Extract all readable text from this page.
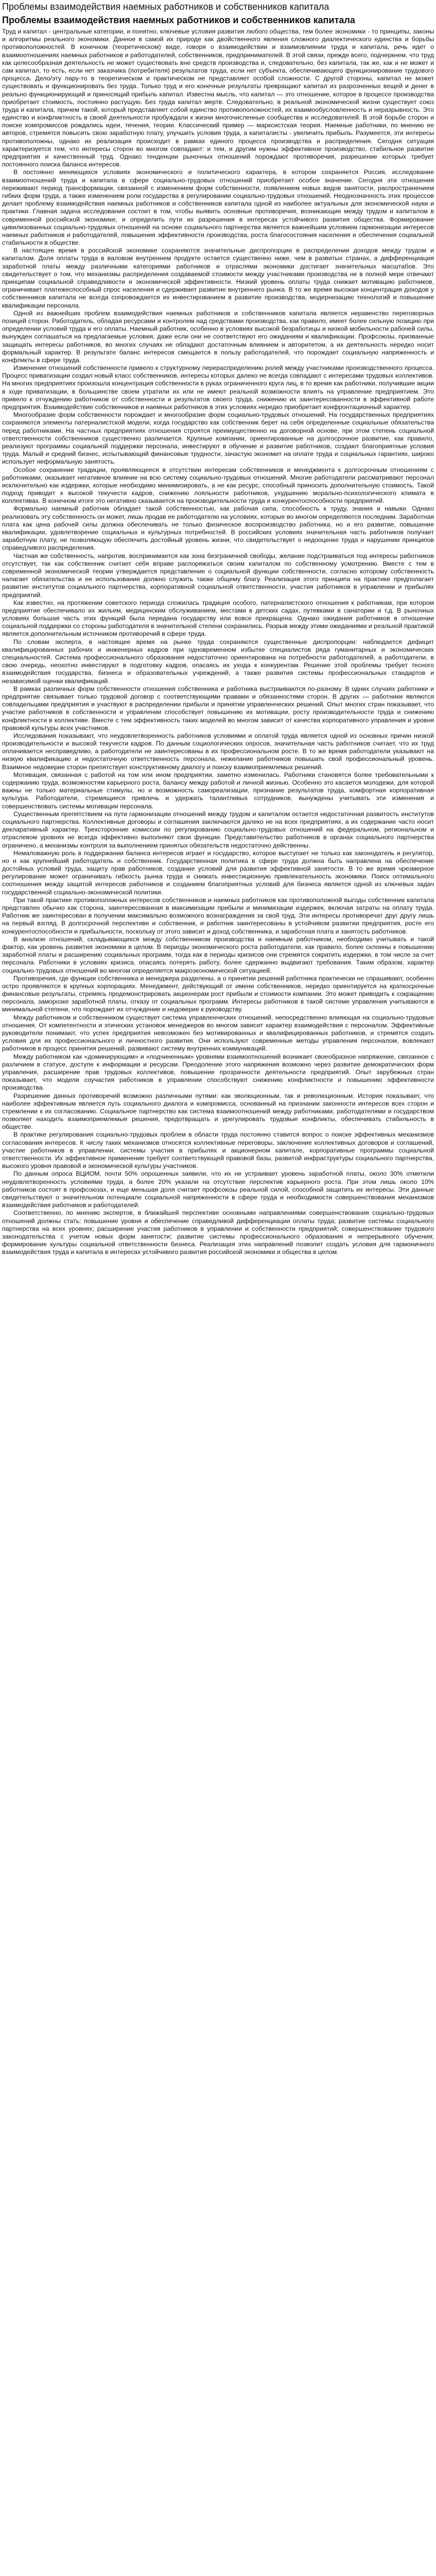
Проблемы взаимодействия наемных работников и собственников капитала
Проблемы взаимодействия наемных работников и собственников капитала

Труд и капитал - центральные категории, и понятно, ключевые условия развития любого общества, тем более экономики - то принципы, законы и алгоритмы реального экономики. Данное в самой их природе как двойственного явления сложного диалектического единства и борьбы противоположностей. В конечном (теоретическом) виде, говоря о взаимодействии и взаимовлиянии труда и капитала, речь идет о взаимоотношениях наемных работников и работодателей, собственников, предпринимателей. В этой связи, прежде всего, подчеркнем, что труд как целесообразная деятельность не может существовать вне средств производства и, следовательно, без капитала, так же, как и не может и сам капитал, то есть, если нет заказчика (потребителя) результатов труда, если нет субъекта, обеспечивающего функционирование трудового процесса. Дело/эту пару-то в теоретическом и практическом не представляет особой сложности. С другой стороны, капитал не может существовать и функционировать без труда. Только труд и его конечные результаты превращают капитал из разрозненных вещей и денег в реально функционирующий и приносящий прибыль капитал. Известна мысль, что капитал — это отношение, которое в процессе производства приобретает стоимость, постоянно растущую. Без труда капитал мертв. Следовательно, в реальной экономической жизни существует союз труда и капитала, причем такой, который представляет собой единство противоположностей, их взаимообусловленность и неразрывность. Это единство и конфликтность в своей деятельности пробуждали к жизни многочисленные сообщества и исследователей. В этой борьбе сторон и поиске компромиссов рождались идеи, течения, теории. Классический пример — марксистская теория. Наемные работники, по мнению ее авторов, стремятся повысить свою заработную плату, улучшить условия труда, а капиталисты - увеличить прибыль. Разумеется, эти интересы противоположны, однако их реализация происходит в рамках единого процесса производства и распределения. Сегодня ситуация характеризуется тем, что интересы сторон во многом совпадают: и тем, и другим нужны эффективное производство, стабильное развитие предприятия и качественный труд. Однако тенденции рыночных отношений порождают противоречия, разрешение которых требует постоянного поиска баланса интересов.

В постоянно меняющихся условиях экономического и политического характера, в котором сохраняется Россия, исследование взаимоотношений труда и капитала в сфере социально-трудовых отношений приобретает особое значение. Сегодня эти отношения переживают период трансформации, связанной с изменением форм собственности, появлением новых видов занятости, распространением гибких форм труда, а также изменением роли государства в регулировании социально-трудовых отношений. Неоднозначность этих процессов делает проблему взаимодействия наемных работников и собственников капитала одной из наиболее актуальных для экономической науки и практики. Главная задача исследования состоит в том, чтобы выявить основные противоречия, возникающие между трудом и капиталом в современной российской экономике, и определить пути их разрешения в интересах устойчивого развития общества. Формирование цивилизованных социально-трудовых отношений на основе социального партнерства является важнейшим условием гармонизации интересов наемных работников и работодателей, повышения эффективности производства, роста благосостояния населения и обеспечения социальной стабильности в обществе.

В настоящее время в российской экономике сохраняются значительные диспропорции в распределении доходов между трудом и капиталом. Доля оплаты труда в валовом внутреннем продукте остается существенно ниже, чем в развитых странах, а дифференциация заработной платы между различными категориями работников и отраслями экономики достигает значительных масштабов. Это свидетельствует о том, что механизмы распределения создаваемой стоимости между участниками производства не в полной мере отвечают принципам социальной справедливости и экономической эффективности. Низкий уровень оплаты труда снижает мотивацию работников, ограничивает платежеспособный спрос населения и сдерживает развитие внутреннего рынка. В то же время высокая концентрация доходов у собственников капитала не всегда сопровождается их инвестированием в развитие производства, модернизацию технологий и повышение квалификации персонала.

Одной из важнейших проблем взаимодействия наемных работников и собственников капитала является неравенство переговорных позиций сторон. Работодатель, обладая ресурсами и контролем над средствами производства, как правило, имеет более сильную позицию при определении условий труда и его оплаты. Наемный работник, особенно в условиях высокой безработицы и низкой мобильности рабочей силы, вынужден соглашаться на предлагаемые условия, даже если они не соответствуют его ожиданиям и квалификации. Профсоюзы, призванные защищать интересы работников, во многих случаях не обладают достаточным влиянием и авторитетом, а их деятельность нередко носит формальный характер. В результате баланс интересов смещается в пользу работодателей, что порождает социальную напряженность и конфликты в сфере труда.

Изменение отношений собственности привело к структурному перераспределению ролей между участниками производственного процесса. Процесс приватизации создал новый класс собственников, интересы которых далеко не всегда совпадают с интересами трудовых коллективов. На многих предприятиях произошла концентрация собственности в руках ограниченного круга лиц, в то время как работники, получившие акции в ходе приватизации, в большинстве своем утратили их или не имеют реальной возможности влиять на управление предприятием. Это привело к отчуждению работников от собственности и результатов своего труда, снижению их заинтересованности в эффективной работе предприятия. Взаимодействие собственников и наемных работников в этих условиях нередко приобретает конфронтационный характер.

Многообразие форм собственности порождает и многообразие форм социально-трудовых отношений. На государственных предприятиях сохраняются элементы патерналистской модели, когда государство как собственник берет на себя определенные социальные обязательства перед работниками. На частных предприятиях отношения строятся преимущественно на договорной основе, при этом степень социальной ответственности собственников существенно различается. Крупные компании, ориентированные на долгосрочное развитие, как правило, реализуют программы социальной поддержки персонала, инвестируют в обучение и развитие работников, создают благоприятные условия труда. Малый и средний бизнес, испытывающий финансовые трудности, зачастую экономит на оплате труда и социальных гарантиях, широко использует неформальную занятость.

Особое сохранение традиции, проявляющееся в отсутствии интересам собственников и менеджмента к долгосрочным отношениям с работниками, оказывает негативное влияние на всю систему социально-трудовых отношений. Многие работодатели рассматривают персонал исключительно как издержки, которые необходимо минимизировать, а не как ресурс, способный приносить дополнительную стоимость. Такой подход приводит к высокой текучести кадров, снижению лояльности работников, ухудшению морально-психологического климата в коллективах. В конечном итоге это негативно сказывается на производительности труда и конкурентоспособности предприятий.

Формально наемный работник обладает такой собственностью, как рабочая сила, способность к труду, знания и навыки. Однако реализовать эту собственность он может, лишь продав ее работодателю на условиях, которые во многом определяются последним. Заработная плата как цена рабочей силы должна обеспечивать не только физическое воспроизводство работника, но и его развитие, повышение квалификации, удовлетворение социальных и культурных потребностей. В российских условиях значительная часть работников получает заработную плату, не позволяющую обеспечить достойный уровень жизни, что свидетельствует о недооценке труда и нарушении принципов справедливого распределения.

Частная же собственность, напротив, воспринимается как зона безграничной свободы, желание подстраиваться под интересы работников отсутствует, так как собственник считает себя вправе распоряжаться своим капиталом по собственному усмотрению. Вместе с тем в современной экономической теории утверждается представление о социальной функции собственности, согласно которому собственность налагает обязательства и ее использование должно служить также общему благу. Реализация этого принципа на практике предполагает развитие институтов социального партнерства, корпоративной социальной ответственности, участия работников в управлении и прибылях предприятий.

Как известно, на протяжении советского периода сложилась традиция особого, патерналистского отношения к работникам, при котором предприятие обеспечивало их жильем, медицинским обслуживанием, местами в детских садах, путевками в санатории и т.д. В рыночных условиях большая часть этих функций была передана государству или вовсе прекращена. Однако ожидания работников в отношении социальной поддержки со стороны работодателя в значительной степени сохранились. Разрыв между этими ожиданиями и реальной практикой является дополнительным источником противоречий в сфере труда.

По словам эксперта, в настоящее время на рынке труда сохраняются существенные диспропорции: наблюдается дефицит квалифицированных рабочих и инженерных кадров при одновременном избытке специалистов ряда гуманитарных и экономических специальностей. Система профессионального образования недостаточно ориентирована на потребности работодателей, а работодатели, в свою очередь, неохотно инвестируют в подготовку кадров, опасаясь их ухода к конкурентам. Решение этой проблемы требует тесного взаимодействия государства, бизнеса и образовательных учреждений, а также развития системы профессиональных стандартов и независимой оценки квалификаций.

В рамках различных форм собственности отношения собственника и работника выстраиваются по-разному. В одних случаях работники и предприятие связывает только трудовой договор с соответствующими правами и обязанностями сторон. В других — работники являются совладельцами предприятия и участвуют в распределении прибыли и принятии управленческих решений. Опыт многих стран показывает, что участие работников в собственности и управлении способствует повышению их мотивации, росту производительности труда и снижению конфликтности в коллективе. Вместе с тем эффективность таких моделей во многом зависит от качества корпоративного управления и уровня правовой культуры всех участников.

Исследования показывают, что неудовлетворенность работников условиями и оплатой труда является одной из основных причин низкой производительности и высокой текучести кадров. По данным социологических опросов, значительная часть работников считает, что их труд оплачивается несправедливо, а работодатели не заинтересованы в их профессиональном росте. В то же время работодатели указывают на низкую квалификацию и недостаточную ответственность персонала, нежелание работников повышать свой профессиональный уровень. Взаимное недоверие сторон препятствует конструктивному диалогу и поиску взаимоприемлемых решений.

Мотивация, связанная с работой на том или ином предприятии, заметно изменилась. Работники становятся более требовательными к содержанию труда, возможностям карьерного роста, балансу между работой и личной жизнью. Особенно это касается молодежи, для которой важны не только материальные стимулы, но и возможность самореализации, признание результатов труда, комфортная корпоративная культура. Работодатели, стремящиеся привлечь и удержать талантливых сотрудников, вынуждены учитывать эти изменения и совершенствовать системы мотивации персонала.

Существенным препятствием на пути гармонизации отношений между трудом и капиталом остается недостаточная развитость институтов социального партнерства. Коллективные договоры и соглашения заключаются далеко не на всех предприятиях, а их содержание часто носит декларативный характер. Трехсторонние комиссии по регулированию социально-трудовых отношений на федеральном, региональном и отраслевом уровнях не всегда эффективно выполняют свои функции. Представительство работников в органах социального партнерства ограничено, а механизмы контроля за выполнением принятых обязательств недостаточно действенны.

Немаловажную роль в поддержании баланса интересов играет и государство, которое выступает не только как законодатель и регулятор, но и как крупнейший работодатель и собственник. Государственная политика в сфере труда должна быть направлена на обеспечение достойных условий труда, защиту прав работников, создание условий для развития эффективной занятости. В то же время чрезмерное регулирование может ограничивать гибкость рынка труда и снижать инвестиционную привлекательность экономики. Поиск оптимального соотношения между защитой интересов работников и созданием благоприятных условий для бизнеса является одной из ключевых задач государственной социально-экономической политики.

При такой практике противоположных интересов собственников и наемных работников как противоположной выгоды собственник капитала представлен обычно как сторона, заинтересованная в максимизации прибыли и минимизации издержек, включая затраты на оплату труда. Работник же заинтересован в получении максимально возможного вознаграждения за свой труд. Эти интересы противоречат друг другу лишь на первый взгляд. В долгосрочной перспективе и собственник, и работник заинтересованы в устойчивом развитии предприятия, росте его конкурентоспособности и прибыльности, поскольку от этого зависит и доход собственника, и заработная плата и занятость работников.

В анализе отношений, складывающихся между собственником производства и наемным работником, необходимо учитывать и такой фактор, как уровень развития экономики в целом. В периоды экономического роста работодатели, как правило, более склонны к повышению заработной платы и расширению социальных программ, тогда как в периоды кризисов они стремятся сократить издержки, в том числе за счет персонала. Работники в условиях кризиса, опасаясь потерять работу, более сдержанно выдвигают требования. Таким образом, характер социально-трудовых отношений во многом определяется макроэкономической ситуацией.

Противоречия, где функции собственника и менеджера разделены, а о принятии решений работника практически не спрашивают, особенно остро проявляются в крупных корпорациях. Менеджмент, действующий от имени собственников, нередко ориентируется на краткосрочные финансовые результаты, стремясь продемонстрировать акционерам рост прибыли и стоимости компании. Это может приводить к сокращению персонала, заморозке заработной платы, отказу от социальных программ. Интересы работников в такой системе управления учитываются в минимальной степени, что порождает их отчуждение и недоверие к руководству.

Между работником и собственником существует система управленческих отношений, непосредственно влияющая на социально-трудовые отношения. От компетентности и этических установок менеджеров во многом зависит характер взаимодействия с персоналом. Эффективные руководители понимают, что успех предприятия невозможен без мотивированных и квалифицированных работников, и стремятся создать условия для их профессионального и личностного развития. Они используют современные методы управления персоналом, вовлекают работников в процесс принятия решений, развивают систему внутренних коммуникаций.

Между работником как «доминирующим» и «подчиненным» уровнями взаимоотношений возникает своеобразное напряжение, связанное с различием в статусе, доступе к информации и ресурсам. Преодоление этого напряжения возможно через развитие демократических форм управления, расширение прав трудовых коллективов, повышение прозрачности деятельности предприятий. Опыт зарубежных стран показывает, что модели соучастия работников в управлении способствуют снижению конфликтности и повышению эффективности производства.

Разрешение данных противоречий возможно различными путями: как эволюционным, так и революционным. История показывает, что наиболее эффективным является путь социального диалога и компромисса, основанный на признании законности интересов всех сторон и стремлении к их согласованию. Социальное партнерство как система взаимоотношений между работниками, работодателями и государством позволяет находить взаимоприемлемые решения, предотвращать и урегулировать трудовые конфликты, обеспечивать стабильность в обществе.

В практике регулирования социально-трудовых проблем в области труда постоянно ставится вопрос о поиске эффективных механизмов согласования интересов. К числу таких механизмов относятся коллективные переговоры, заключение коллективных договоров и соглашений, участие работников в управлении, системы участия в прибылях и акционерном капитале, корпоративные программы социальной ответственности. Их эффективное применение требует соответствующей правовой базы, развитой инфраструктуры социального партнерства, высокого уровня правовой и экономической культуры участников.

По данным опроса ВЦИОМ, почти 50% опрошенных заявили, что их не устраивает уровень заработной платы, около 30% отметили неудовлетворенность условиями труда, а более 20% указали на отсутствие перспектив карьерного роста. При этом лишь около 10% работников состоят в профсоюзах, и еще меньшая доля считает профсоюзы реальной силой, способной защитить их интересы. Эти данные свидетельствуют о значительном потенциале социальной напряженности в сфере труда и необходимости совершенствования механизмов взаимодействия работников и работодателей.

Соответственно, по мнению экспертов, в ближайшей перспективе основными направлениями совершенствования социально-трудовых отношений должны стать: повышение уровня и обеспечение справедливой дифференциации оплаты труда; развитие системы социального партнерства на всех уровнях; расширение участия работников в управлении и собственности предприятий; совершенствование трудового законодательства с учетом новых форм занятости; развитие системы профессионального образования и непрерывного обучения; формирование культуры социальной ответственности бизнеса. Реализация этих направлений позволит создать условия для гармоничного взаимодействия труда и капитала в интересах устойчивого развития российской экономики и общества в целом.
